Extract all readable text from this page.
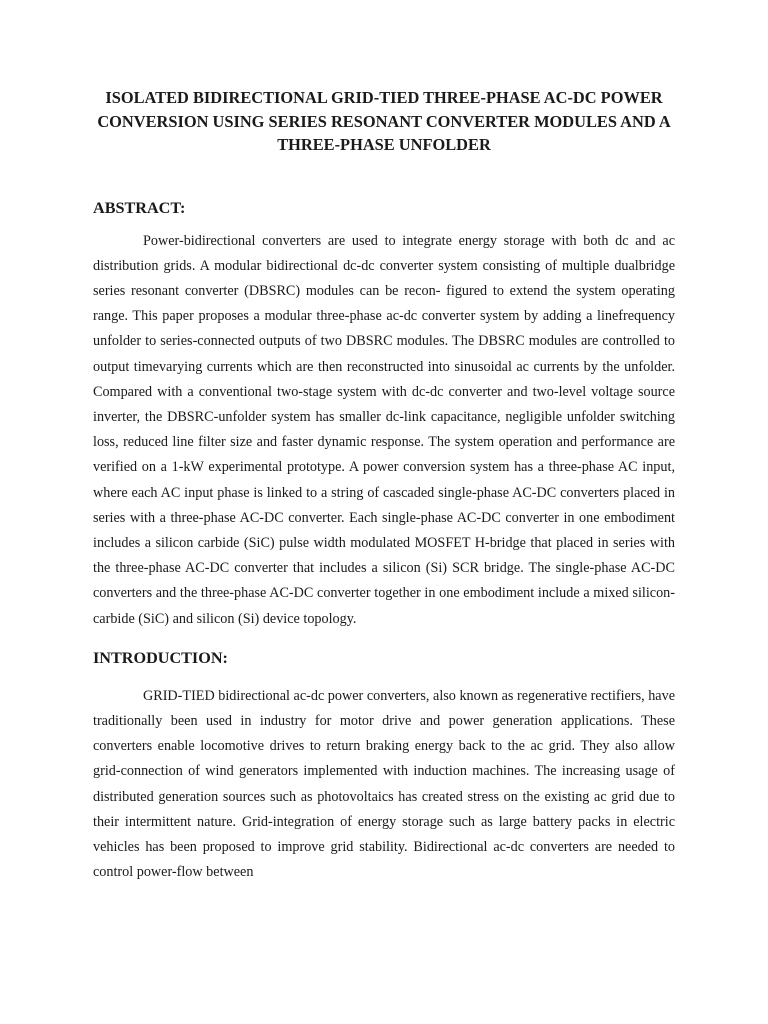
ISOLATED BIDIRECTIONAL GRID-TIED THREE-PHASE AC-DC POWER CONVERSION USING SERIES RESONANT CONVERTER MODULES AND A THREE-PHASE UNFOLDER
ABSTRACT:

Power-bidirectional converters are used to integrate energy storage with both dc and ac distribution grids. A modular bidirectional dc-dc converter system consisting of multiple dualbridge series resonant converter (DBSRC) modules can be recon- figured to extend the system operating range. This paper proposes a modular three-phase ac-dc converter system by adding a linefrequency unfolder to series-connected outputs of two DBSRC modules. The DBSRC modules are controlled to output timevarying currents which are then reconstructed into sinusoidal ac currents by the unfolder. Compared with a conventional two-stage system with dc-dc converter and two-level voltage source inverter, the DBSRC-unfolder system has smaller dc-link capacitance, negligible unfolder switching loss, reduced line filter size and faster dynamic response. The system operation and performance are verified on a 1-kW experimental prototype. A power conversion system has a three-phase AC input, where each AC input phase is linked to a string of cascaded single-phase AC-DC converters placed in series with a three-phase AC-DC converter. Each single-phase AC-DC converter in one embodiment includes a silicon carbide (SiC) pulse width modulated MOSFET H-bridge that placed in series with the three-phase AC-DC converter that includes a silicon (Si) SCR bridge. The single-phase AC-DC converters and the three-phase AC-DC converter together in one embodiment include a mixed silicon-carbide (SiC) and silicon (Si) device topology.

INTRODUCTION:

GRID-TIED bidirectional ac-dc power converters, also known as regenerative rectifiers, have traditionally been used in industry for motor drive and power generation applications. These converters enable locomotive drives to return braking energy back to the ac grid. They also allow grid-connection of wind generators implemented with induction machines. The increasing usage of distributed generation sources such as photovoltaics has created stress on the existing ac grid due to their intermittent nature. Grid-integration of energy storage such as large battery packs in electric vehicles has been proposed to improve grid stability. Bidirectional ac-dc converters are needed to control power-flow between
